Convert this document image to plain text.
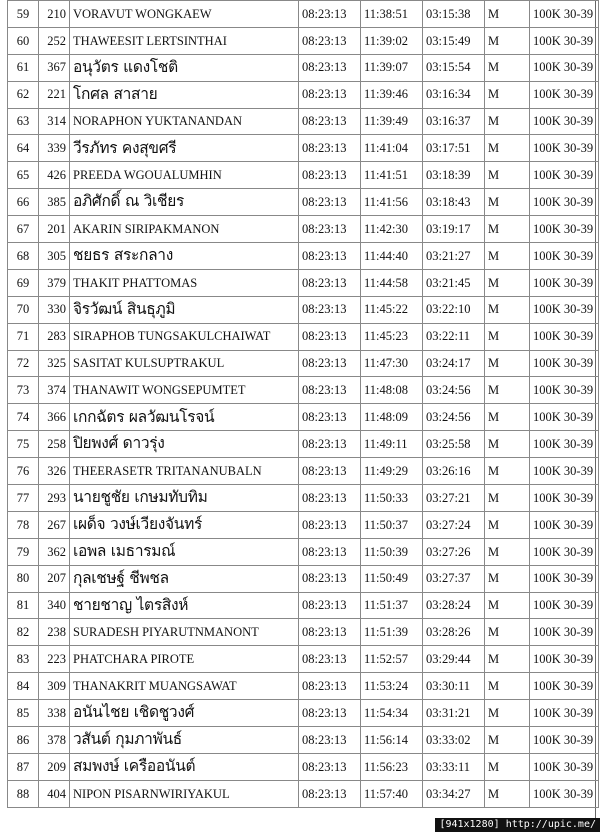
59	210	VORAVUT WONGKAEW	08:23:13	11:38:51	03:15:38	M	100K 30-39
60	252	THAWEESIT LERTSINTHAI	08:23:13	11:39:02	03:15:49	M	100K 30-39
61	367	อนุวัตร แดงโชติ	08:23:13	11:39:07	03:15:54	M	100K 30-39
62	221	โกศล สาสาย	08:23:13	11:39:46	03:16:34	M	100K 30-39
63	314	NORAPHON YUKTANANDAN	08:23:13	11:39:49	03:16:37	M	100K 30-39
64	339	วีรภัทร คงสุขศรี	08:23:13	11:41:04	03:17:51	M	100K 30-39
65	426	PREEDA WGOUALUMHIN	08:23:13	11:41:51	03:18:39	M	100K 30-39
66	385	อภิศักดิ์ ณ วิเชียร	08:23:13	11:41:56	03:18:43	M	100K 30-39
67	201	AKARIN SIRIPAKMANON	08:23:13	11:42:30	03:19:17	M	100K 30-39
68	305	ชยธร สระกลาง	08:23:13	11:44:40	03:21:27	M	100K 30-39
69	379	THAKIT PHATTOMAS	08:23:13	11:44:58	03:21:45	M	100K 30-39
70	330	จิรวัฒน์ สินธุภูมิ	08:23:13	11:45:22	03:22:10	M	100K 30-39
71	283	SIRAPHOB TUNGSAKULCHAIWAT	08:23:13	11:45:23	03:22:11	M	100K 30-39
72	325	SASITAT KULSUPTRAKUL	08:23:13	11:47:30	03:24:17	M	100K 30-39
73	374	THANAWIT WONGSEPUMTET	08:23:13	11:48:08	03:24:56	M	100K 30-39
74	366	เกกฉัตร ผลวัฒนโรจน์	08:23:13	11:48:09	03:24:56	M	100K 30-39
75	258	ปิยพงศ์ ดาวรุ่ง	08:23:13	11:49:11	03:25:58	M	100K 30-39
76	326	THEERASETR TRITANANUBALN	08:23:13	11:49:29	03:26:16	M	100K 30-39
77	293	นายชูชัย เกษมทับทิม	08:23:13	11:50:33	03:27:21	M	100K 30-39
78	267	เผด็จ วงษ์เวียงจันทร์	08:23:13	11:50:37	03:27:24	M	100K 30-39
79	362	เอพล เมธารมณ์	08:23:13	11:50:39	03:27:26	M	100K 30-39
80	207	กุลเชษฐ์ ชีพชล	08:23:13	11:50:49	03:27:37	M	100K 30-39
81	340	ชายชาญ ไตรสิงห์	08:23:13	11:51:37	03:28:24	M	100K 30-39
82	238	SURADESH PIYARUTNMANONT	08:23:13	11:51:39	03:28:26	M	100K 30-39
83	223	PHATCHARA PIROTE	08:23:13	11:52:57	03:29:44	M	100K 30-39
84	309	THANAKRIT MUANGSAWAT	08:23:13	11:53:24	03:30:11	M	100K 30-39
85	338	อนันไชย เชิดชูวงศ์	08:23:13	11:54:34	03:31:21	M	100K 30-39
86	378	วสันต์ กุมภาพันธ์	08:23:13	11:56:14	03:33:02	M	100K 30-39
87	209	สมพงษ์ เครืออนันต์	08:23:13	11:56:23	03:33:11	M	100K 30-39
88	404	NIPON PISARNWIRIYAKUL	08:23:13	11:57:40	03:34:27	M	100K 30-39
[941x1280] http://upic.me/
